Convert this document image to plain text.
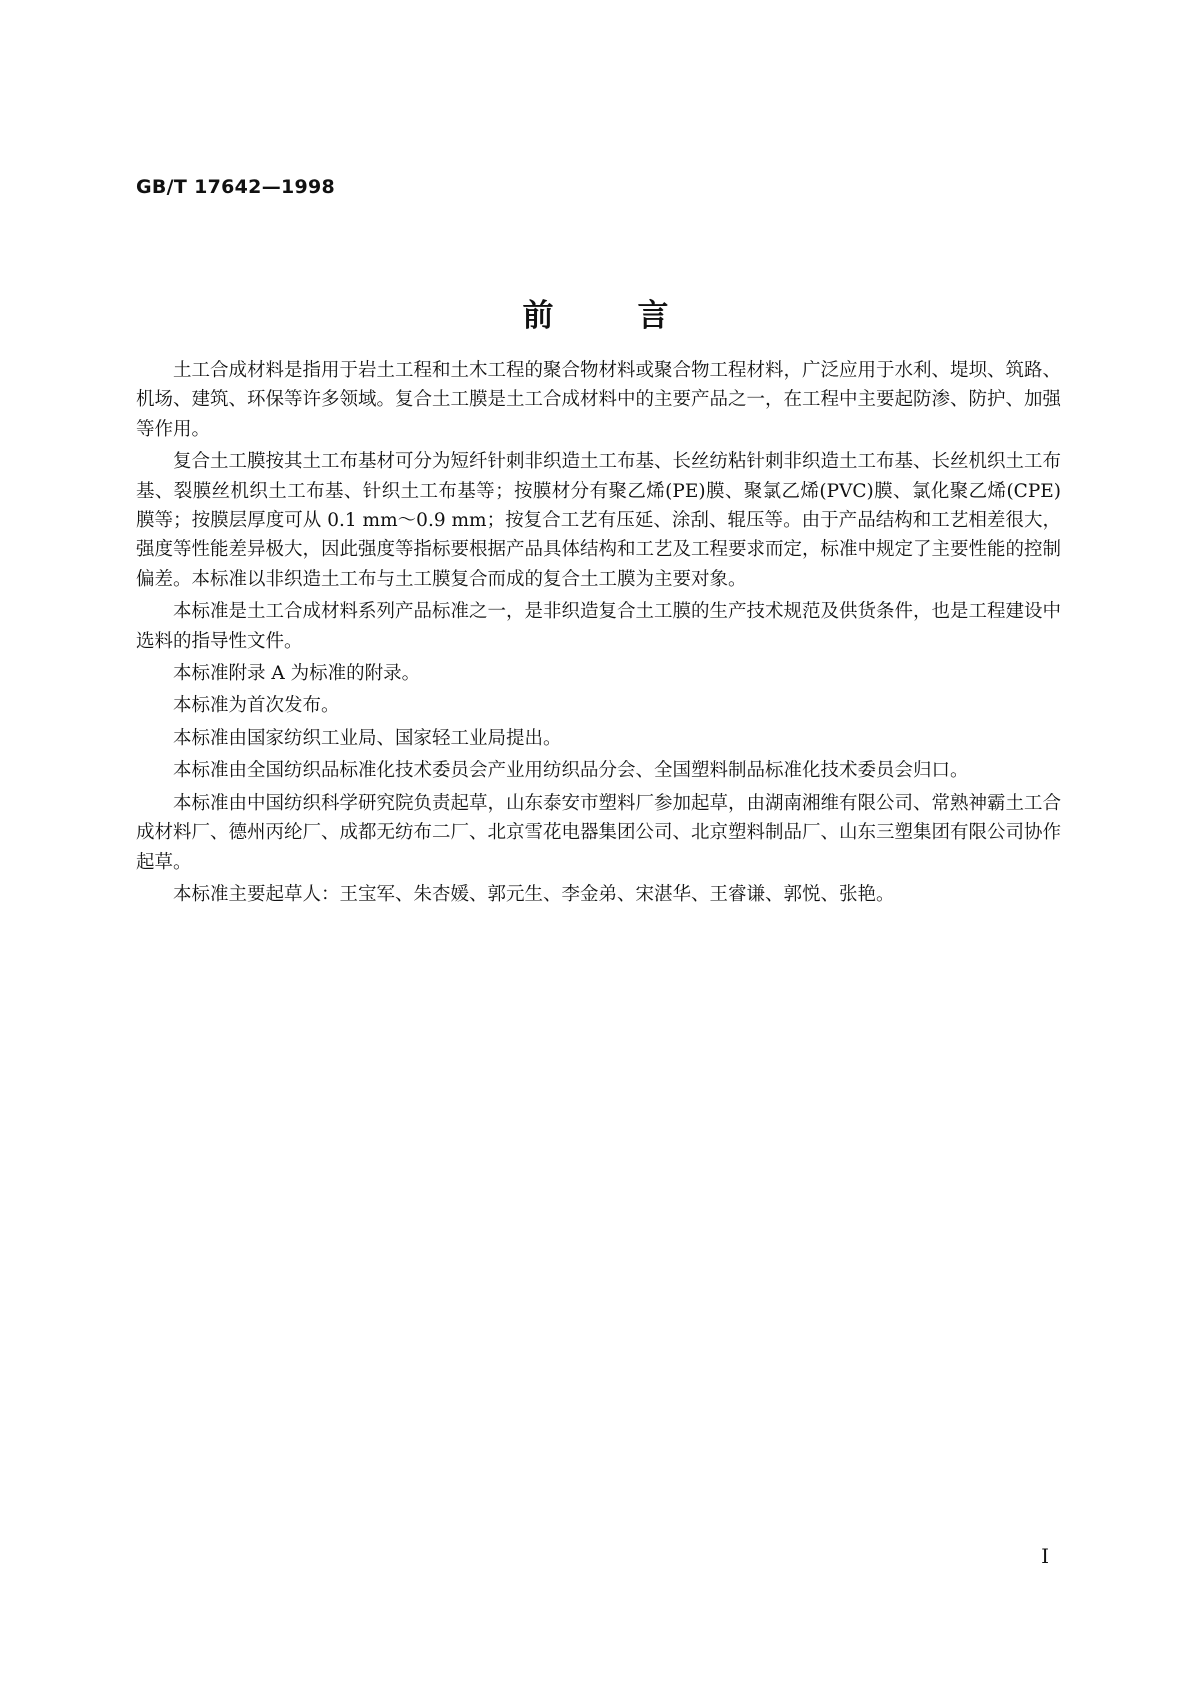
GB/T 17642—1998
前	言

土工合成材料是指用于岩土工程和土木工程的聚合物材料或聚合物工程材料，广泛应用于水利、堤坝、筑路、机场、建筑、环保等许多领域。复合土工膜是土工合成材料中的主要产品之一，在工程中主要起防渗、防护、加强等作用。

复合土工膜按其土工布基材可分为短纤针刺非织造土工布基、长丝纺粘针刺非织造土工布基、长丝机织土工布基、裂膜丝机织土工布基、针织土工布基等；按膜材分有聚乙烯(PE)膜、聚氯乙烯(PVC)膜、氯化聚乙烯(CPE)膜等；按膜层厚度可从 0.1 mm～0.9 mm；按复合工艺有压延、涂刮、辊压等。由于产品结构和工艺相差很大，强度等性能差异极大，因此强度等指标要根据产品具体结构和工艺及工程要求而定，标准中规定了主要性能的控制偏差。本标准以非织造土工布与土工膜复合而成的复合土工膜为主要对象。

本标准是土工合成材料系列产品标准之一，是非织造复合土工膜的生产技术规范及供货条件，也是工程建设中选料的指导性文件。

本标准附录 A 为标准的附录。

本标准为首次发布。

本标准由国家纺织工业局、国家轻工业局提出。

本标准由全国纺织品标准化技术委员会产业用纺织品分会、全国塑料制品标准化技术委员会归口。

本标准由中国纺织科学研究院负责起草，山东泰安市塑料厂参加起草，由湖南湘维有限公司、常熟神霸土工合成材料厂、德州丙纶厂、成都无纺布二厂、北京雪花电器集团公司、北京塑料制品厂、山东三塑集团有限公司协作起草。

本标准主要起草人：王宝军、朱杏媛、郭元生、李金弟、宋湛华、王睿谦、郭悦、张艳。

I
